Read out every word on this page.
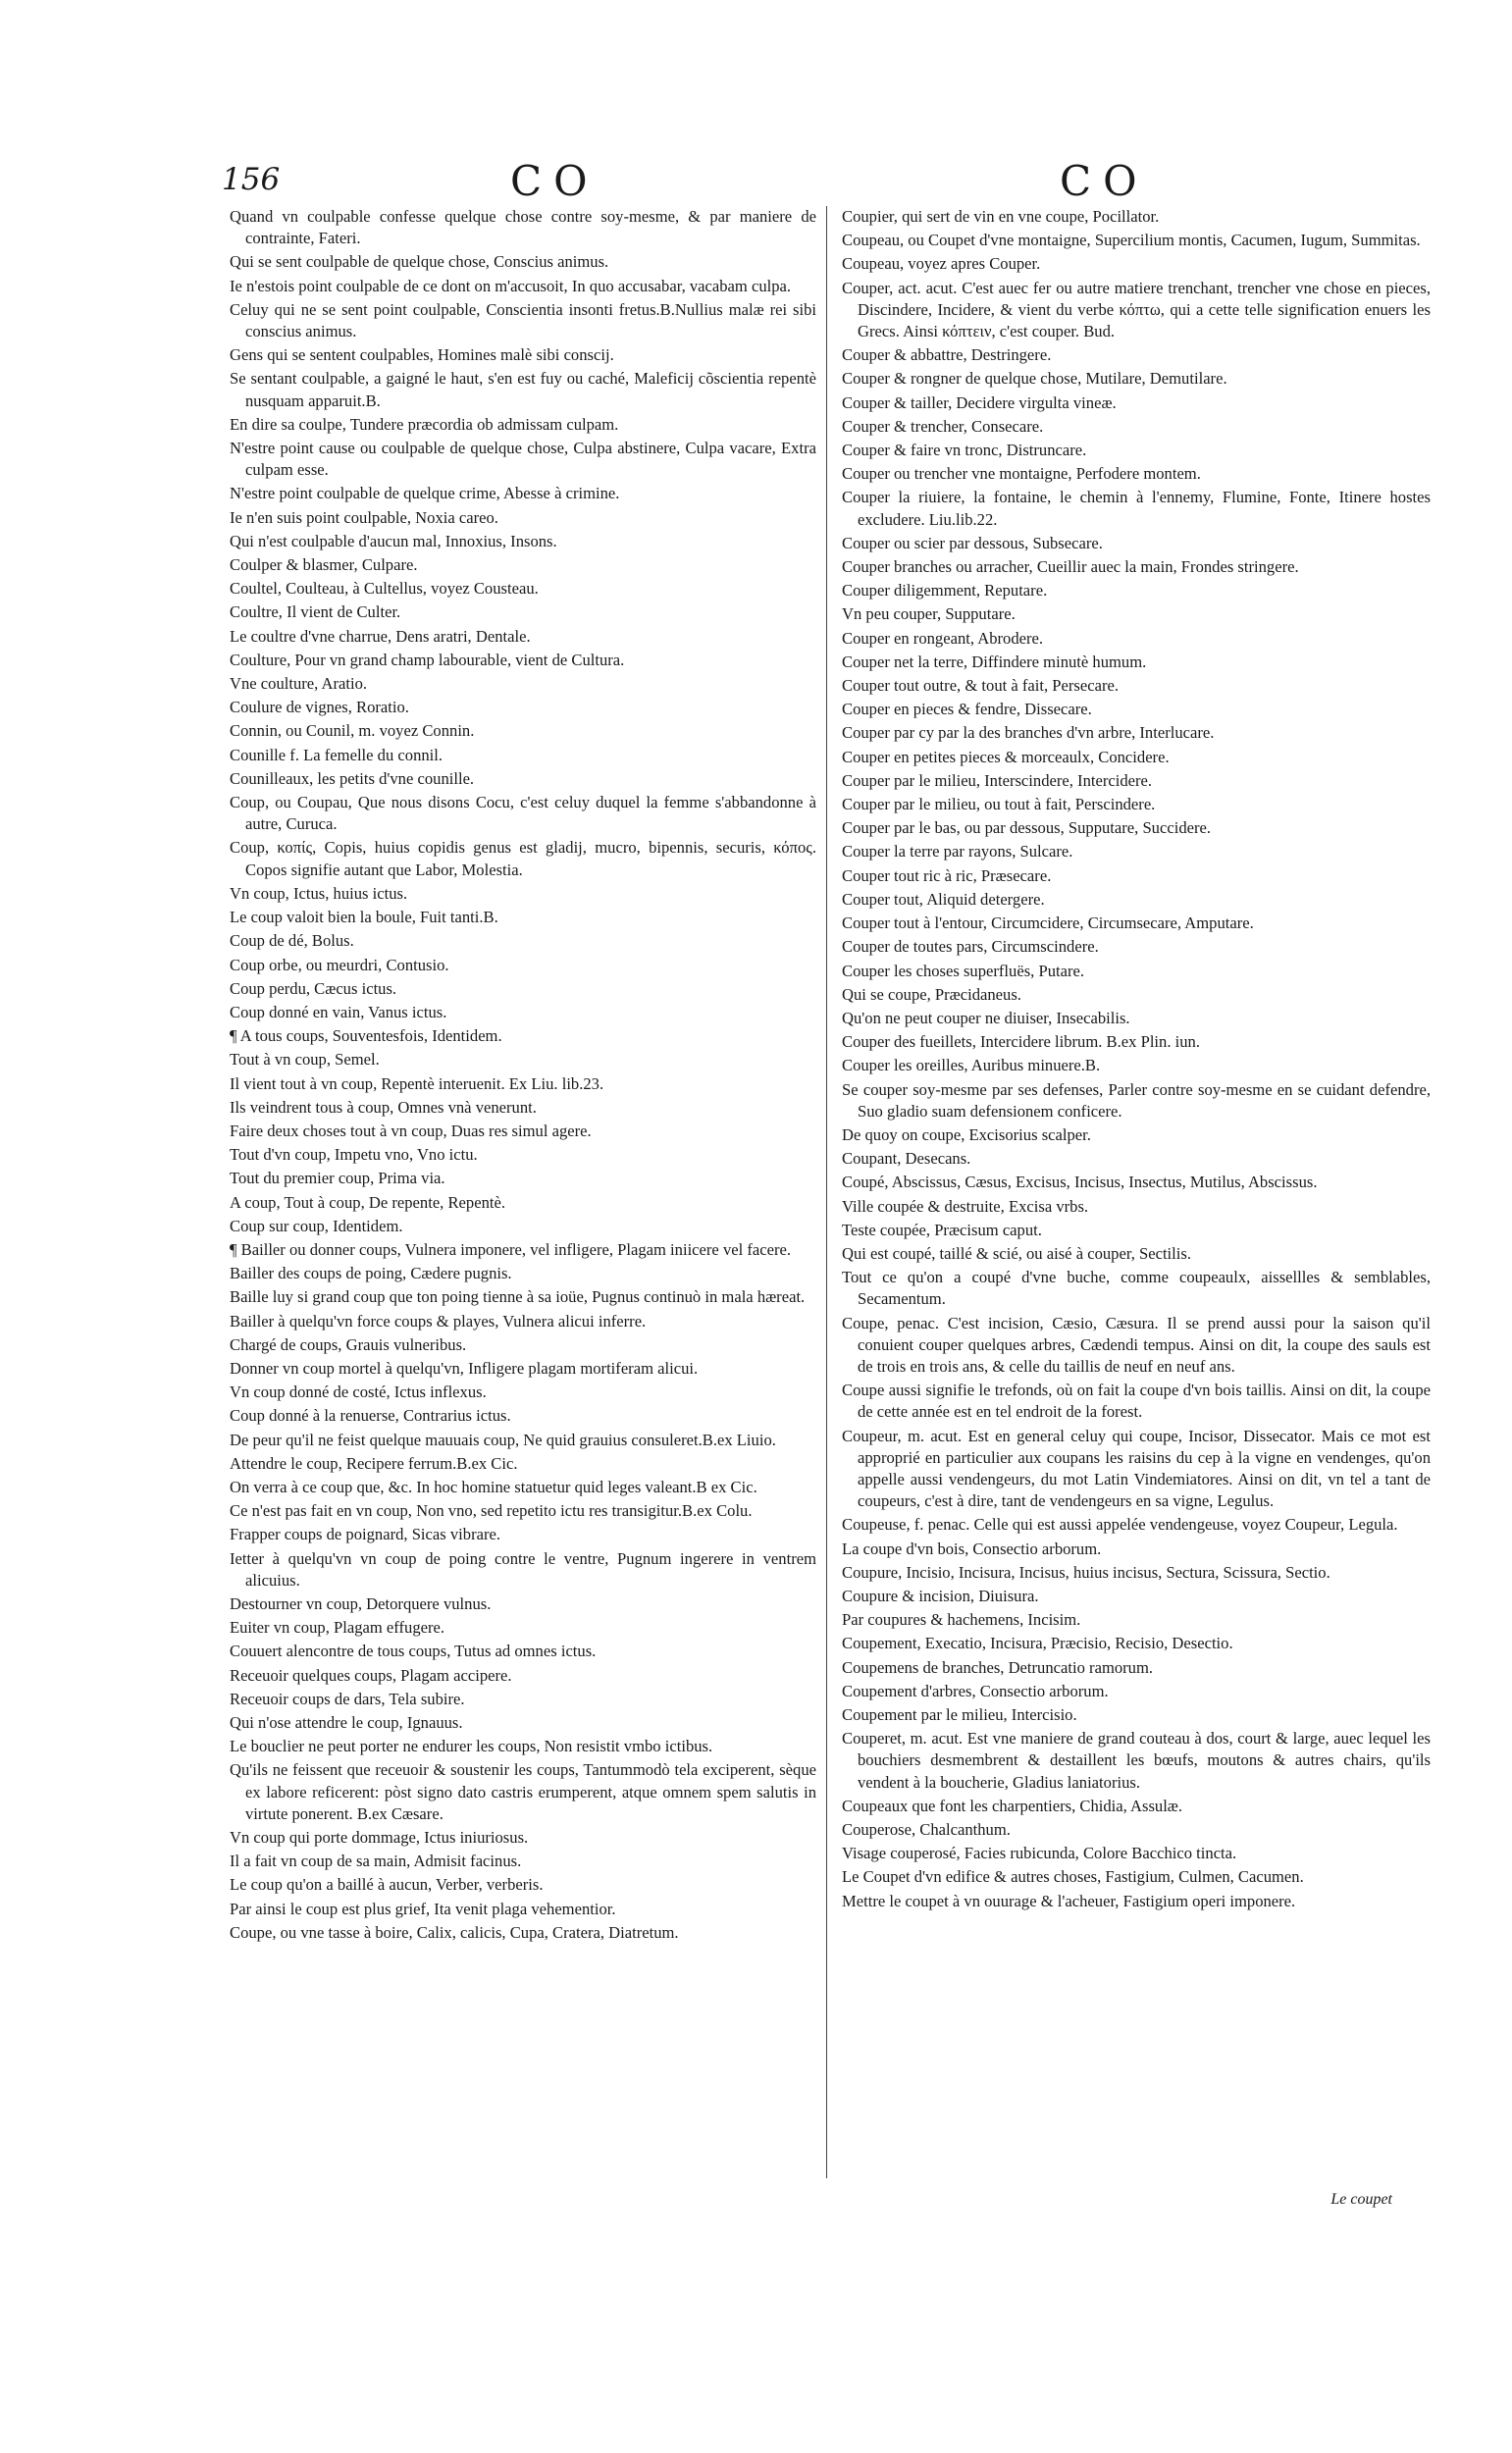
156	CO	CO

Quand vn coulpable confesse quelque chose contre soy-mesme, & par maniere de contrainte, Fateri.

Qui se sent coulpable de quelque chose, Conscius animus.

Ie n'estois point coulpable de ce dont on m'accusoit, In quo accusabar, vacabam culpa.

Celuy qui ne se sent point coulpable, Conscientia insonti fretus.B.Nullius malæ rei sibi conscius animus.

Gens qui se sentent coulpables, Homines malè sibi conscij.

Se sentant coulpable, a gaigné le haut, s'en est fuy ou caché, Maleficij cõscientia repentè nusquam apparuit.B.

En dire sa coulpe, Tundere præcordia ob admissam culpam.

N'estre point cause ou coulpable de quelque chose, Culpa abstinere, Culpa vacare, Extra culpam esse.

N'estre point coulpable de quelque crime, Abesse à crimine.

Ie n'en suis point coulpable, Noxia careo.

Qui n'est coulpable d'aucun mal, Innoxius, Insons.

Coulper & blasmer, Culpare.

Coultel, Coulteau, à Cultellus, voyez Cousteau.

Coultre, Il vient de Culter.

Le coultre d'vne charrue, Dens aratri, Dentale.

Coulture, Pour vn grand champ labourable, vient de Cultura.

Vne coulture, Aratio.

Coulure de vignes, Roratio.

Connin, ou Counil, m. voyez Connin.

Counille f. La femelle du connil.

Counilleaux, les petits d'vne counille.

Coup, ou Coupau, Que nous disons Cocu, c'est celuy duquel la femme s'abbandonne à autre, Curuca.

Coup, κοπίς, Copis, huius copidis genus est gladij, mucro, bipennis, securis, κόπος. Copos signifie autant que Labor, Molestia.

Vn coup, Ictus, huius ictus.

Le coup valoit bien la boule, Fuit tanti.B.

Coup de dé, Bolus.

Coup orbe, ou meurdri, Contusio.

Coup perdu, Cæcus ictus.

Coup donné en vain, Vanus ictus.

¶ A tous coups, Souventesfois, Identidem.

Tout à vn coup, Semel.

Il vient tout à vn coup, Repentè interuenit. Ex Liu. lib.23.

Ils veindrent tous à coup, Omnes vnà venerunt.

Faire deux choses tout à vn coup, Duas res simul agere.

Tout d'vn coup, Impetu vno, Vno ictu.

Tout du premier coup, Prima via.

A coup, Tout à coup, De repente, Repentè.

Coup sur coup, Identidem.

¶ Bailler ou donner coups, Vulnera imponere, vel infligere, Plagam iniicere vel facere.

Bailler des coups de poing, Cædere pugnis.

Baille luy si grand coup que ton poing tienne à sa ioüe, Pugnus continuò in mala hæreat.

Bailler à quelqu'vn force coups & playes, Vulnera alicui inferre.

Chargé de coups, Grauis vulneribus.

Donner vn coup mortel à quelqu'vn, Infligere plagam mortiferam alicui.

Vn coup donné de costé, Ictus inflexus.

Coup donné à la renuerse, Contrarius ictus.

De peur qu'il ne feist quelque mauuais coup, Ne quid grauius consuleret.B.ex Liuio.

Attendre le coup, Recipere ferrum.B.ex Cic.

On verra à ce coup que, &c. In hoc homine statuetur quid leges valeant.B ex Cic.

Ce n'est pas fait en vn coup, Non vno, sed repetito ictu res transigitur.B.ex Colu.

Frapper coups de poignard, Sicas vibrare.

Ietter à quelqu'vn vn coup de poing contre le ventre, Pugnum ingerere in ventrem alicuius.

Destourner vn coup, Detorquere vulnus.

Euiter vn coup, Plagam effugere.

Couuert alencontre de tous coups, Tutus ad omnes ictus.

Receuoir quelques coups, Plagam accipere.

Receuoir coups de dars, Tela subire.

Qui n'ose attendre le coup, Ignauus.

Le bouclier ne peut porter ne endurer les coups, Non resistit vmbo ictibus.

Qu'ils ne feissent que receuoir & soustenir les coups, Tantummodò tela exciperent, sèque ex labore reficerent: pòst signo dato castris erumperent, atque omnem spem salutis in virtute ponerent. B.ex Cæsare.

Vn coup qui porte dommage, Ictus iniuriosus.

Il a fait vn coup de sa main, Admisit facinus.

Le coup qu'on a baillé à aucun, Verber, verberis.

Par ainsi le coup est plus grief, Ita venit plaga vehementior.

Coupe, ou vne tasse à boire, Calix, calicis, Cupa, Cratera, Diatretum.

Coupier, qui sert de vin en vne coupe, Pocillator.

Coupeau, ou Coupet d'vne montaigne, Supercilium montis, Cacumen, Iugum, Summitas.

Coupeau, voyez apres Couper.

Couper, act. acut. C'est auec fer ou autre matiere trenchant, trencher vne chose en pieces, Discindere, Incidere, & vient du verbe κόπτω, qui a cette telle signification enuers les Grecs. Ainsi κόπτειν, c'est couper. Bud.

Couper & abbattre, Destringere.

Couper & rongner de quelque chose, Mutilare, Demutilare.

Couper & tailler, Decidere virgulta vineæ.

Couper & trencher, Consecare.

Couper & faire vn tronc, Distruncare.

Couper ou trencher vne montaigne, Perfodere montem.

Couper la riuiere, la fontaine, le chemin à l'ennemy, Flumine, Fonte, Itinere hostes excludere. Liu.lib.22.

Couper ou scier par dessous, Subsecare.

Couper branches ou arracher, Cueillir auec la main, Frondes stringere.

Couper diligemment, Reputare.

Vn peu couper, Supputare.

Couper en rongeant, Abrodere.

Couper net la terre, Diffindere minutè humum.

Couper tout outre, & tout à fait, Persecare.

Couper en pieces & fendre, Dissecare.

Couper par cy par la des branches d'vn arbre, Interlucare.

Couper en petites pieces & morceaulx, Concidere.

Couper par le milieu, Interscindere, Intercidere.

Couper par le milieu, ou tout à fait, Perscindere.

Couper par le bas, ou par dessous, Supputare, Succidere.

Couper la terre par rayons, Sulcare.

Couper tout ric à ric, Præsecare.

Couper tout, Aliquid detergere.

Couper tout à l'entour, Circumcidere, Circumsecare, Amputare.

Couper de toutes pars, Circumscindere.

Couper les choses superfluës, Putare.

Qui se coupe, Præcidaneus.

Qu'on ne peut couper ne diuiser, Insecabilis.

Couper des fueillets, Intercidere librum. B.ex Plin. iun.

Couper les oreilles, Auribus minuere.B.

Se couper soy-mesme par ses defenses, Parler contre soy-mesme en se cuidant defendre, Suo gladio suam defensionem conficere.

De quoy on coupe, Excisorius scalper.

Coupant, Desecans.

Coupé, Abscissus, Cæsus, Excisus, Incisus, Insectus, Mutilus, Abscissus.

Ville coupée & destruite, Excisa vrbs.

Teste coupée, Præcisum caput.

Qui est coupé, taillé & scié, ou aisé à couper, Sectilis.

Tout ce qu'on a coupé d'vne buche, comme coupeaulx, aissellles & semblables, Secamentum.

Coupe, penac. C'est incision, Cæsio, Cæsura. Il se prend aussi pour la saison qu'il conuient couper quelques arbres, Cædendi tempus. Ainsi on dit, la coupe des sauls est de trois en trois ans, & celle du taillis de neuf en neuf ans.

Coupe aussi signifie le trefonds, où on fait la coupe d'vn bois taillis. Ainsi on dit, la coupe de cette année est en tel endroit de la forest.

Coupeur, m. acut. Est en general celuy qui coupe, Incisor, Dissecator. Mais ce mot est approprié en particulier aux coupans les raisins du cep à la vigne en vendenges, qu'on appelle aussi vendengeurs, du mot Latin Vindemiatores. Ainsi on dit, vn tel a tant de coupeurs, c'est à dire, tant de vendengeurs en sa vigne, Legulus.

Coupeuse, f. penac. Celle qui est aussi appelée vendengeuse, voyez Coupeur, Legula.

La coupe d'vn bois, Consectio arborum.

Coupure, Incisio, Incisura, Incisus, huius incisus, Sectura, Scissura, Sectio.

Coupure & incision, Diuisura.

Par coupures & hachemens, Incisim.

Coupement, Execatio, Incisura, Præcisio, Recisio, Desectio.

Coupemens de branches, Detruncatio ramorum.

Coupement d'arbres, Consectio arborum.

Coupement par le milieu, Intercisio.

Couperet, m. acut. Est vne maniere de grand couteau à dos, court & large, auec lequel les bouchiers desmembrent & destaillent les bœufs, moutons & autres chairs, qu'ils vendent à la boucherie, Gladius laniatorius.

Coupeaux que font les charpentiers, Chidia, Assulæ.

Couperose, Chalcanthum.

Visage couperosé, Facies rubicunda, Colore Bacchico tincta.

Le Coupet d'vn edifice & autres choses, Fastigium, Culmen, Cacumen.

Mettre le coupet à vn ouurage & l'acheuer, Fastigium operi imponere.

Le coupet
